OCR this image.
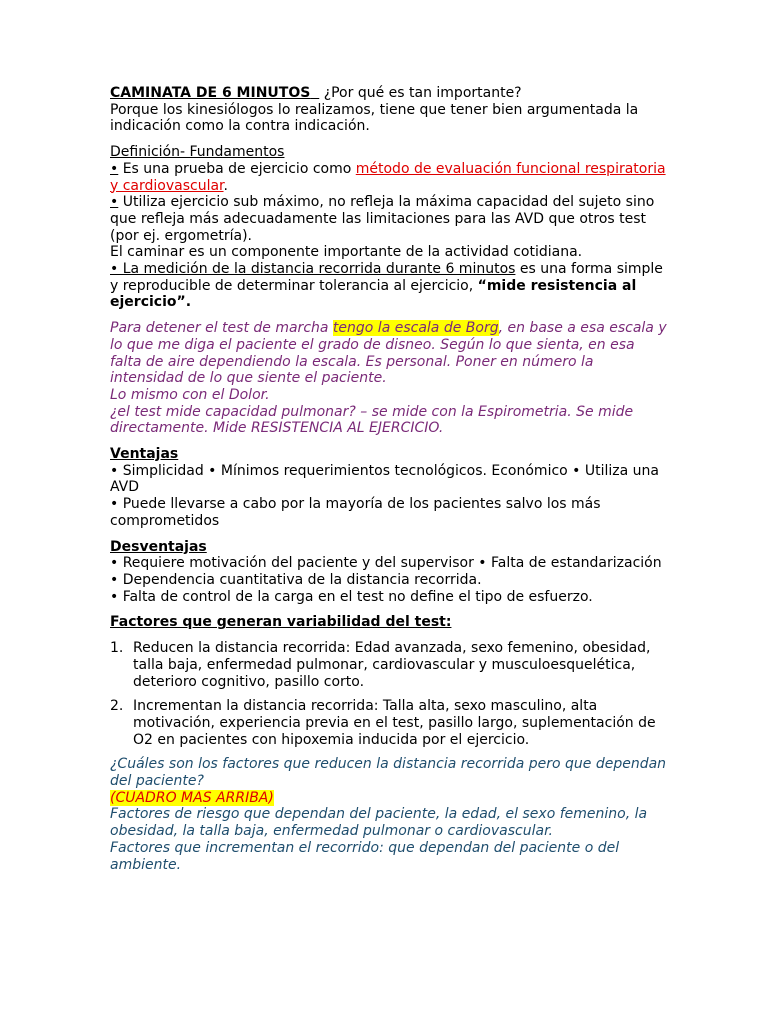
CAMINATA DE 6 MINUTOS ¿Por qué es tan importante?

Porque los kinesiólogos lo realizamos, tiene que tener bien argumentada la indicación como la contra indicación.

Definición- Fundamentos

• Es una prueba de ejercicio como método de evaluación funcional respiratoria y cardiovascular.

• Utiliza ejercicio sub máximo, no refleja la máxima capacidad del sujeto sino que refleja más adecuadamente las limitaciones para las AVD que otros test (por ej. ergometría).

El caminar es un componente importante de la actividad cotidiana.

• La medición de la distancia recorrida durante 6 minutos es una forma simple y reproducible de determinar tolerancia al ejercicio, “mide resistencia al ejercicio”.

Para detener el test de marcha tengo la escala de Borg, en base a esa escala y lo que me diga el paciente el grado de disneo. Según lo que sienta, en esa falta de aire dependiendo la escala. Es personal. Poner en número la intensidad de lo que siente el paciente.

Lo mismo con el Dolor.

¿el test mide capacidad pulmonar? – se mide con la Espirometria. Se mide directamente. Mide RESISTENCIA AL EJERCICIO.

Ventajas

• Simplicidad • Mínimos requerimientos tecnológicos. Económico • Utiliza una AVD

• Puede llevarse a cabo por la mayoría de los pacientes salvo los más comprometidos

Desventajas

• Requiere motivación del paciente y del supervisor • Falta de estandarización

• Dependencia cuantitativa de la distancia recorrida.

• Falta de control de la carga en el test no define el tipo de esfuerzo.

Factores que generan variabilidad del test:

1. Reducen la distancia recorrida: Edad avanzada, sexo femenino, obesidad, talla baja, enfermedad pulmonar, cardiovascular y musculoesquelética, deterioro cognitivo, pasillo corto.
2. Incrementan la distancia recorrida: Talla alta, sexo masculino, alta motivación, experiencia previa en el test, pasillo largo, suplementación de O2 en pacientes con hipoxemia inducida por el ejercicio.

¿Cuáles son los factores que reducen la distancia recorrida pero que dependan del paciente?

(CUADRO MAS ARRIBA)

Factores de riesgo que dependan del paciente, la edad, el sexo femenino, la obesidad, la talla baja, enfermedad pulmonar o cardiovascular.

Factores que incrementan el recorrido: que dependan del paciente o del ambiente.
